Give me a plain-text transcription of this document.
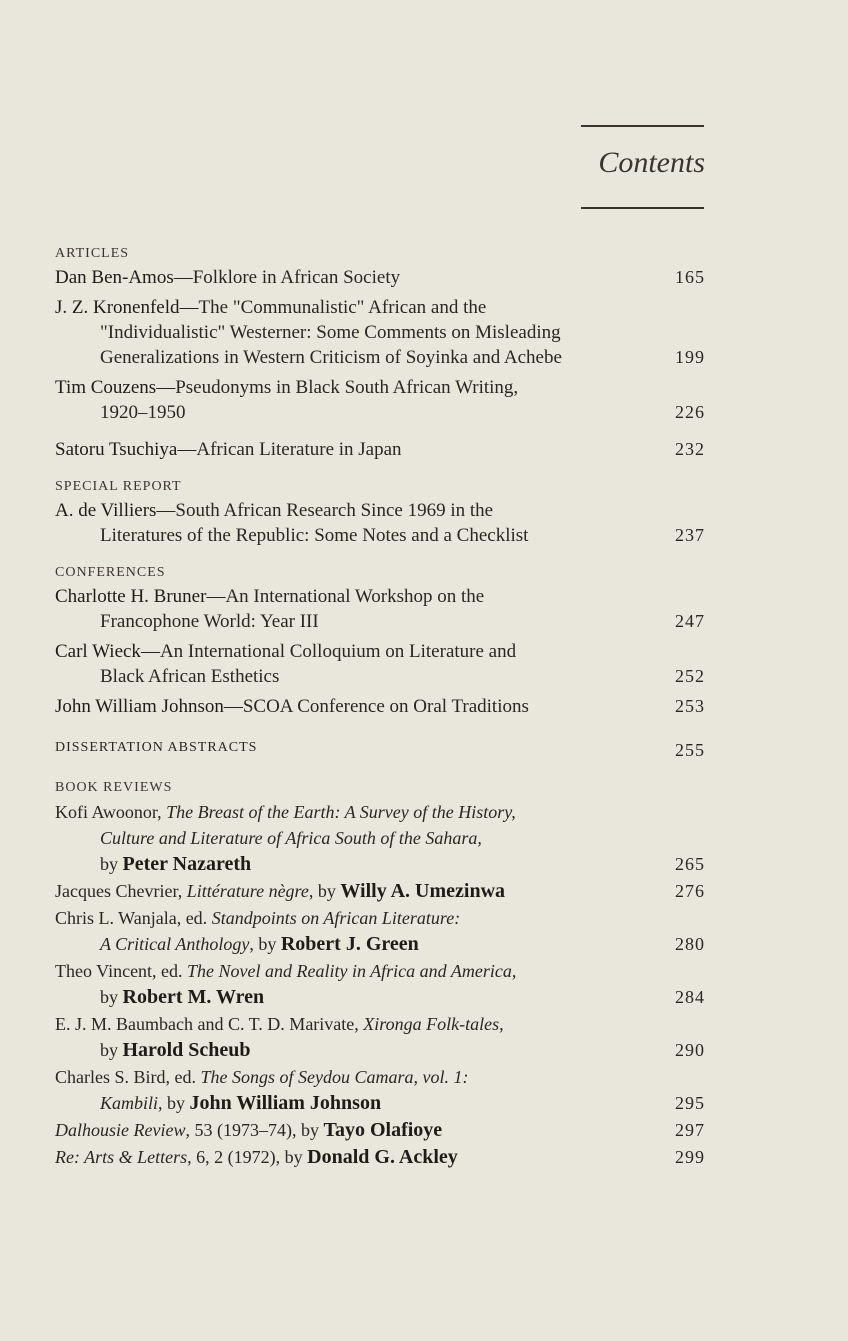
Contents
ARTICLES
Dan Ben-Amos—Folklore in African Society	165
J. Z. Kronenfeld—The "Communalistic" African and the
"Individualistic" Westerner: Some Comments on Misleading
Generalizations in Western Criticism of Soyinka and Achebe	199
Tim Couzens—Pseudonyms in Black South African Writing,
1920–1950	226
Satoru Tsuchiya—African Literature in Japan	232
SPECIAL REPORT
A. de Villiers—South African Research Since 1969 in the
Literatures of the Republic: Some Notes and a Checklist	237
CONFERENCES
Charlotte H. Bruner—An International Workshop on the
Francophone World: Year III	247
Carl Wieck—An International Colloquium on Literature and
Black African Esthetics	252
John William Johnson—SCOA Conference on Oral Traditions	253
DISSERTATION ABSTRACTS	255
BOOK REVIEWS
Kofi Awoonor, The Breast of the Earth: A Survey of the History,
Culture and Literature of Africa South of the Sahara,
by Peter Nazareth	265
Jacques Chevrier, Littérature nègre, by Willy A. Umezinwa	276
Chris L. Wanjala, ed. Standpoints on African Literature:
A Critical Anthology, by Robert J. Green	280
Theo Vincent, ed. The Novel and Reality in Africa and America,
by Robert M. Wren	284
E. J. M. Baumbach and C. T. D. Marivate, Xironga Folk-tales,
by Harold Scheub	290
Charles S. Bird, ed. The Songs of Seydou Camara, vol. 1:
Kambili, by John William Johnson	295
Dalhousie Review, 53 (1973–74), by Tayo Olafioye	297
Re: Arts & Letters, 6, 2 (1972), by Donald G. Ackley	299
